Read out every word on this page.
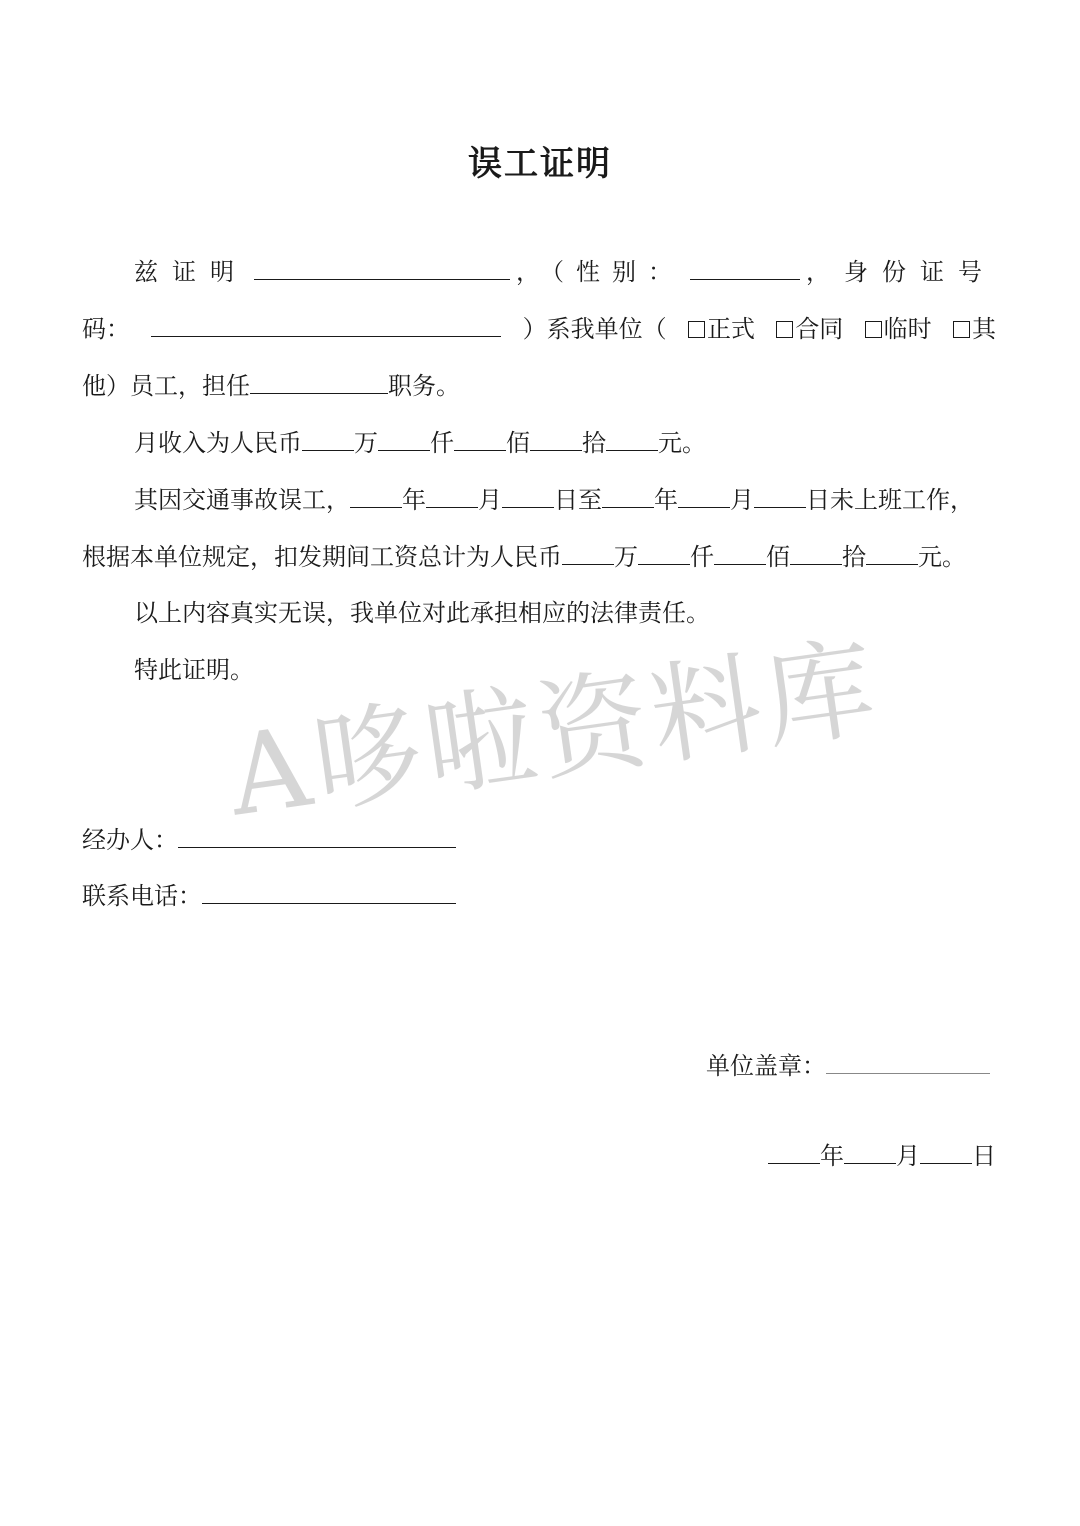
误工证明
兹证明	，（性别：	，身份证号
码：	）系我单位（	正式	合同	临时	其
他）员工，担任	职务。
月收入为人民币 万 仟 佰 拾 元。
其因交通事故误工， 年 月 日至 年 月 日未上班工作，
根据本单位规定，扣发期间工资总计为人民币 万 仟 佰 拾 元。
以上内容真实无误，我单位对此承担相应的法律责任。
特此证明。
A哆啦资料库
经办人：
联系电话：
单位盖章：
年 月 日
